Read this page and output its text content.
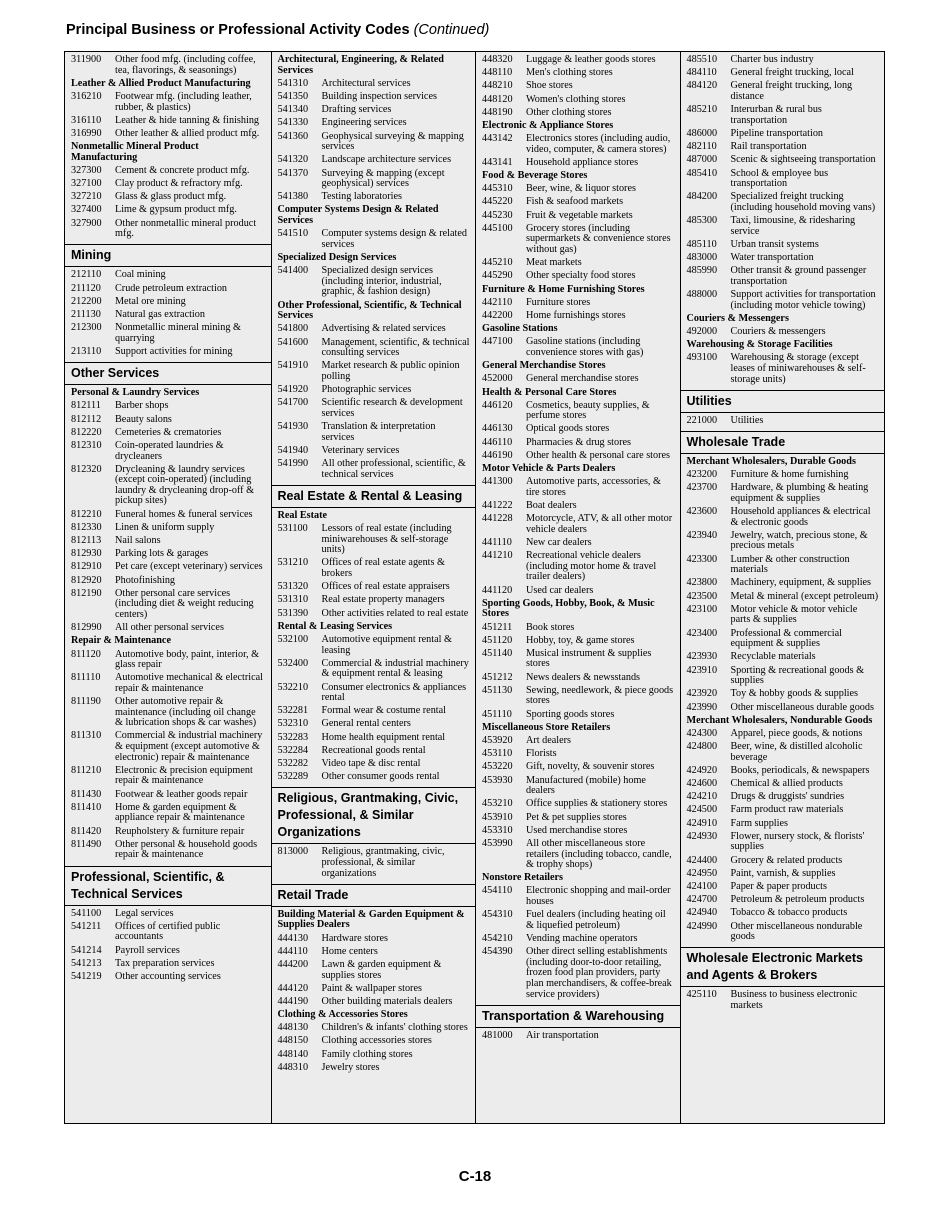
Principal Business or Professional Activity Codes (Continued)
311900	Other food mfg. (including coffee, tea, flavorings, & seasonings)
Leather & Allied Product Manufacturing
316210	Footwear mfg. (including leather, rubber, & plastics)
316110	Leather & hide tanning & finishing
316990	Other leather & allied product mfg.
Nonmetallic Mineral Product Manufacturing
327300	Cement & concrete product mfg.
327100	Clay product & refractory mfg.
327210	Glass & glass product mfg.
327400	Lime & gypsum product mfg.
327900	Other nonmetallic mineral product mfg.
Mining
212110	Coal mining
211120	Crude petroleum extraction
212200	Metal ore mining
211130	Natural gas extraction
212300	Nonmetallic mineral mining & quarrying
213110	Support activities for mining
Other Services
Personal & Laundry Services
812111	Barber shops
812112	Beauty salons
812220	Cemeteries & crematories
812310	Coin-operated laundries & drycleaners
812320	Drycleaning & laundry services (except coin-operated) (including laundry & drycleaning drop-off & pickup sites)
812210	Funeral homes & funeral services
812330	Linen & uniform supply
812113	Nail salons
812930	Parking lots & garages
812910	Pet care (except veterinary) services
812920	Photofinishing
812190	Other personal care services (including diet & weight reducing centers)
812990	All other personal services
Repair & Maintenance
811120	Automotive body, paint, interior, & glass repair
811110	Automotive mechanical & electrical repair & maintenance
811190	Other automotive repair & maintenance (including oil change & lubrication shops & car washes)
811310	Commercial & industrial machinery & equipment (except automotive & electronic) repair & maintenance
811210	Electronic & precision equipment repair & maintenance
811430	Footwear & leather goods repair
811410	Home & garden equipment & appliance repair & maintenance
811420	Reupholstery & furniture repair
811490	Other personal & household goods repair & maintenance
Professional, Scientific, & Technical Services
541100	Legal services
541211	Offices of certified public accountants
541214	Payroll services
541213	Tax preparation services
541219	Other accounting services
Architectural, Engineering, & Related Services
541310	Architectural services
541350	Building inspection services
541340	Drafting services
541330	Engineering services
541360	Geophysical surveying & mapping services
541320	Landscape architecture services
541370	Surveying & mapping (except geophysical) services
541380	Testing laboratories
Computer Systems Design & Related Services
541510	Computer systems design & related services
Specialized Design Services
541400	Specialized design services (including interior, industrial, graphic, & fashion design)
Other Professional, Scientific, & Technical Services
541800	Advertising & related services
541600	Management, scientific, & technical consulting services
541910	Market research & public opinion polling
541920	Photographic services
541700	Scientific research & development services
541930	Translation & interpretation services
541940	Veterinary services
541990	All other professional, scientific, & technical services
Real Estate & Rental & Leasing
Real Estate
531100	Lessors of real estate (including miniwarehouses & self-storage units)
531210	Offices of real estate agents & brokers
531320	Offices of real estate appraisers
531310	Real estate property managers
531390	Other activities related to real estate
Rental & Leasing Services
532100	Automotive equipment rental & leasing
532400	Commercial & industrial machinery & equipment rental & leasing
532210	Consumer electronics & appliances rental
532281	Formal wear & costume rental
532310	General rental centers
532283	Home health equipment rental
532284	Recreational goods rental
532282	Video tape & disc rental
532289	Other consumer goods rental
Religious, Grantmaking, Civic, Professional, & Similar Organizations
813000	Religious, grantmaking, civic, professional, & similar organizations
Retail Trade
Building Material & Garden Equipment & Supplies Dealers
444130	Hardware stores
444110	Home centers
444200	Lawn & garden equipment & supplies stores
444120	Paint & wallpaper stores
444190	Other building materials dealers
Clothing & Accessories Stores
448130	Children's & infants' clothing stores
448150	Clothing accessories stores
448140	Family clothing stores
448310	Jewelry stores
448320	Luggage & leather goods stores
448110	Men's clothing stores
448210	Shoe stores
448120	Women's clothing stores
448190	Other clothing stores
Electronic & Appliance Stores
443142	Electronics stores (including audio, video, computer, & camera stores)
443141	Household appliance stores
Food & Beverage Stores
445310	Beer, wine, & liquor stores
445220	Fish & seafood markets
445230	Fruit & vegetable markets
445100	Grocery stores (including supermarkets & convenience stores without gas)
445210	Meat markets
445290	Other specialty food stores
Furniture & Home Furnishing Stores
442110	Furniture stores
442200	Home furnishings stores
Gasoline Stations
447100	Gasoline stations (including convenience stores with gas)
General Merchandise Stores
452000	General merchandise stores
Health & Personal Care Stores
446120	Cosmetics, beauty supplies, & perfume stores
446130	Optical goods stores
446110	Pharmacies & drug stores
446190	Other health & personal care stores
Motor Vehicle & Parts Dealers
441300	Automotive parts, accessories, & tire stores
441222	Boat dealers
441228	Motorcycle, ATV, & all other motor vehicle dealers
441110	New car dealers
441210	Recreational vehicle dealers (including motor home & travel trailer dealers)
441120	Used car dealers
Sporting Goods, Hobby, Book, & Music Stores
451211	Book stores
451120	Hobby, toy, & game stores
451140	Musical instrument & supplies stores
451212	News dealers & newsstands
451130	Sewing, needlework, & piece goods stores
451110	Sporting goods stores
Miscellaneous Store Retailers
453920	Art dealers
453110	Florists
453220	Gift, novelty, & souvenir stores
453930	Manufactured (mobile) home dealers
453210	Office supplies & stationery stores
453910	Pet & pet supplies stores
453310	Used merchandise stores
453990	All other miscellaneous store retailers (including tobacco, candle, & trophy shops)
Nonstore Retailers
454110	Electronic shopping and mail-order houses
454310	Fuel dealers (including heating oil & liquefied petroleum)
454210	Vending machine operators
454390	Other direct selling establishments (including door-to-door retailing, frozen food plan providers, party plan merchandisers, & coffee-break service providers)
Transportation & Warehousing
481000	Air transportation
485510	Charter bus industry
484110	General freight trucking, local
484120	General freight trucking, long distance
485210	Interurban & rural bus transportation
486000	Pipeline transportation
482110	Rail transportation
487000	Scenic & sightseeing transportation
485410	School & employee bus transportation
484200	Specialized freight trucking (including household moving vans)
485300	Taxi, limousine, & ridesharing service
485110	Urban transit systems
483000	Water transportation
485990	Other transit & ground passenger transportation
488000	Support activities for transportation (including motor vehicle towing)
Couriers & Messengers
492000	Couriers & messengers
Warehousing & Storage Facilities
493100	Warehousing & storage (except leases of miniwarehouses & self-storage units)
Utilities
221000	Utilities
Wholesale Trade
Merchant Wholesalers, Durable Goods
423200	Furniture & home furnishing
423700	Hardware, & plumbing & heating equipment & supplies
423600	Household appliances & electrical & electronic goods
423940	Jewelry, watch, precious stone, & precious metals
423300	Lumber & other construction materials
423800	Machinery, equipment, & supplies
423500	Metal & mineral (except petroleum)
423100	Motor vehicle & motor vehicle parts & supplies
423400	Professional & commercial equipment & supplies
423930	Recyclable materials
423910	Sporting & recreational goods & supplies
423920	Toy & hobby goods & supplies
423990	Other miscellaneous durable goods
Merchant Wholesalers, Nondurable Goods
424300	Apparel, piece goods, & notions
424800	Beer, wine, & distilled alcoholic beverage
424920	Books, periodicals, & newspapers
424600	Chemical & allied products
424210	Drugs & druggists' sundries
424500	Farm product raw materials
424910	Farm supplies
424930	Flower, nursery stock, & florists' supplies
424400	Grocery & related products
424950	Paint, varnish, & supplies
424100	Paper & paper products
424700	Petroleum & petroleum products
424940	Tobacco & tobacco products
424990	Other miscellaneous nondurable goods
Wholesale Electronic Markets and Agents & Brokers
425110	Business to business electronic markets
C-18
